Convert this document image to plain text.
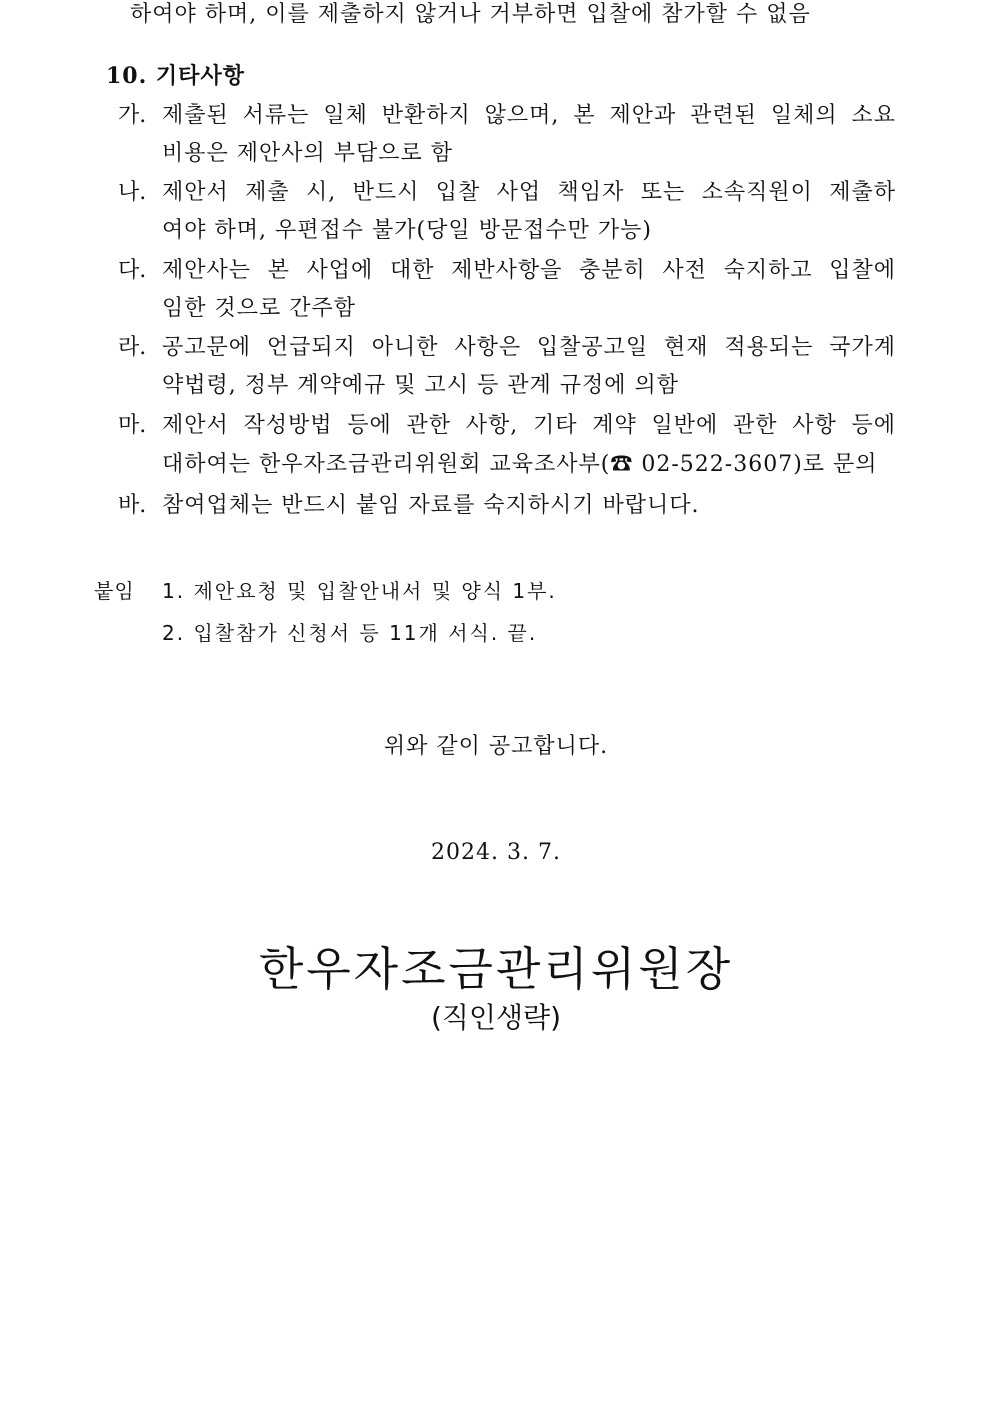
하여야 하며, 이를 제출하지 않거나 거부하면 입찰에 참가할 수 없음
10. 기타사항
가. 제출된 서류는 일체 반환하지 않으며, 본 제안과 관련된 일체의 소요
비용은 제안사의 부담으로 함
나. 제안서 제출 시, 반드시 입찰 사업 책임자 또는 소속직원이 제출하
여야 하며, 우편접수 불가(당일 방문접수만 가능)
다. 제안사는 본 사업에 대한 제반사항을 충분히 사전 숙지하고 입찰에
임한 것으로 간주함
라. 공고문에 언급되지 아니한 사항은 입찰공고일 현재 적용되는 국가계
약법령, 정부 계약예규 및 고시 등 관계 규정에 의함
마. 제안서 작성방법 등에 관한 사항, 기타 계약 일반에 관한 사항 등에
대하여는 한우자조금관리위원회 교육조사부(☎ 02-522-3607)로 문의
바. 참여업체는 반드시 붙임 자료를 숙지하시기 바랍니다.
붙임 1. 제안요청 및 입찰안내서 및 양식 1부.
2. 입찰참가 신청서 등 11개 서식. 끝.
위와 같이 공고합니다.
2024. 3. 7.
한우자조금관리위원장
(직인생략)
